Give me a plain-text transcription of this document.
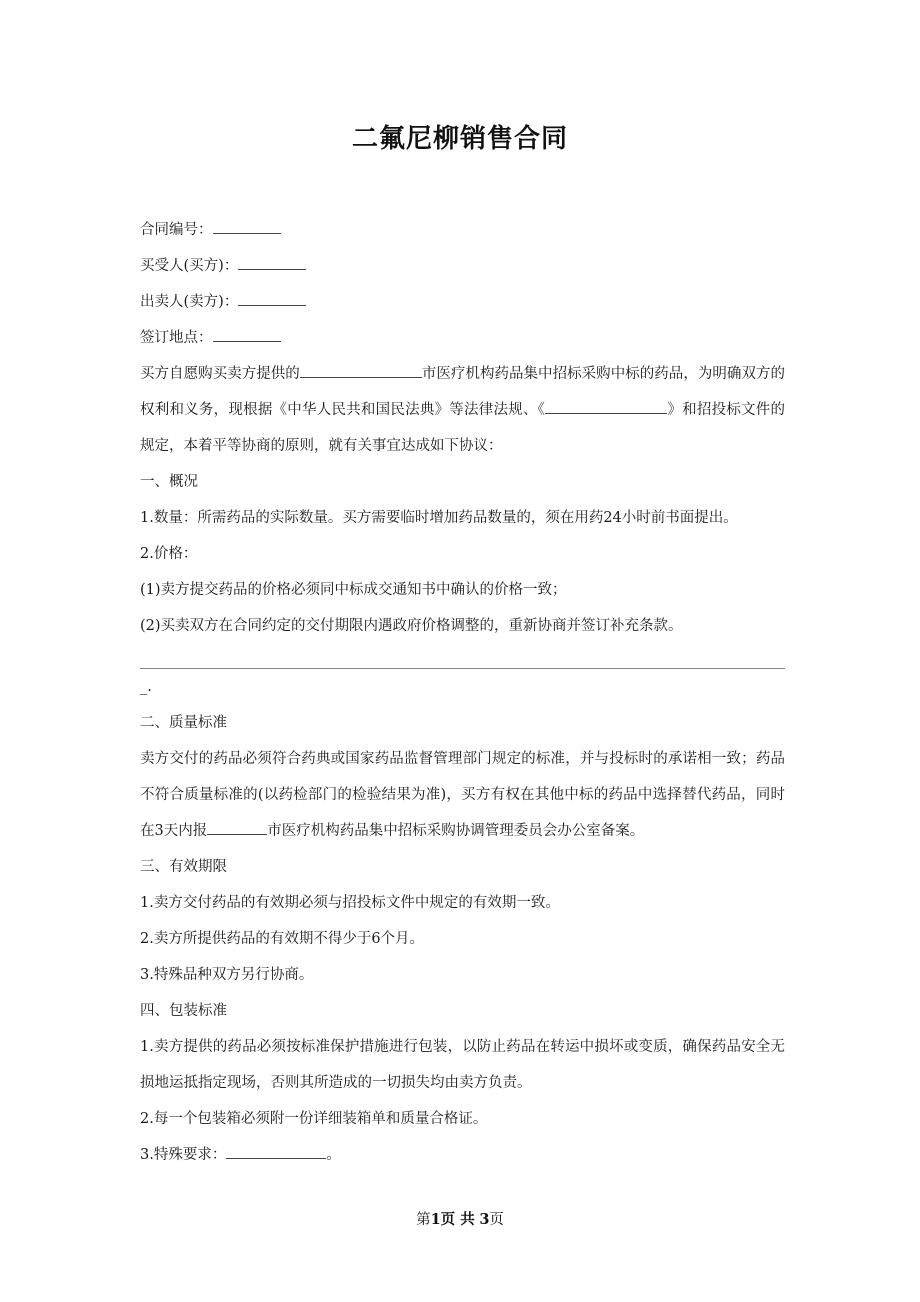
二氟尼柳销售合同

合同编号：

买受人(买方)：

出卖人(卖方)：

签订地点：

买方自愿购买卖方提供的	市医疗机构药品集中招标采购中标的药品，为明确双方的权利和义务，现根据《中华人民共和国民法典》等法律法规、《	》和招投标文件的规定，本着平等协商的原则，就有关事宜达成如下协议：

一、概况

1.数量：所需药品的实际数量。买方需要临时增加药品数量的，须在用药24小时前书面提出。

2.价格：

(1)卖方提交药品的价格必须同中标成交通知书中确认的价格一致；

(2)买卖双方在合同约定的交付期限内遇政府价格调整的，重新协商并签订补充条款。

_.

二、质量标准

卖方交付的药品必须符合药典或国家药品监督管理部门规定的标准，并与投标时的承诺相一致；药品不符合质量标准的(以药检部门的检验结果为准)，买方有权在其他中标的药品中选择替代药品，同时在3天内报	市医疗机构药品集中招标采购协调管理委员会办公室备案。

三、有效期限

1.卖方交付药品的有效期必须与招投标文件中规定的有效期一致。

2.卖方所提供药品的有效期不得少于6个月。

3.特殊品种双方另行协商。

四、包装标准

1.卖方提供的药品必须按标准保护措施进行包装，以防止药品在转运中损坏或变质，确保药品安全无损地运抵指定现场，否则其所造成的一切损失均由卖方负责。

2.每一个包装箱必须附一份详细装箱单和质量合格证。

3.特殊要求：	。

第1页 共 3页
